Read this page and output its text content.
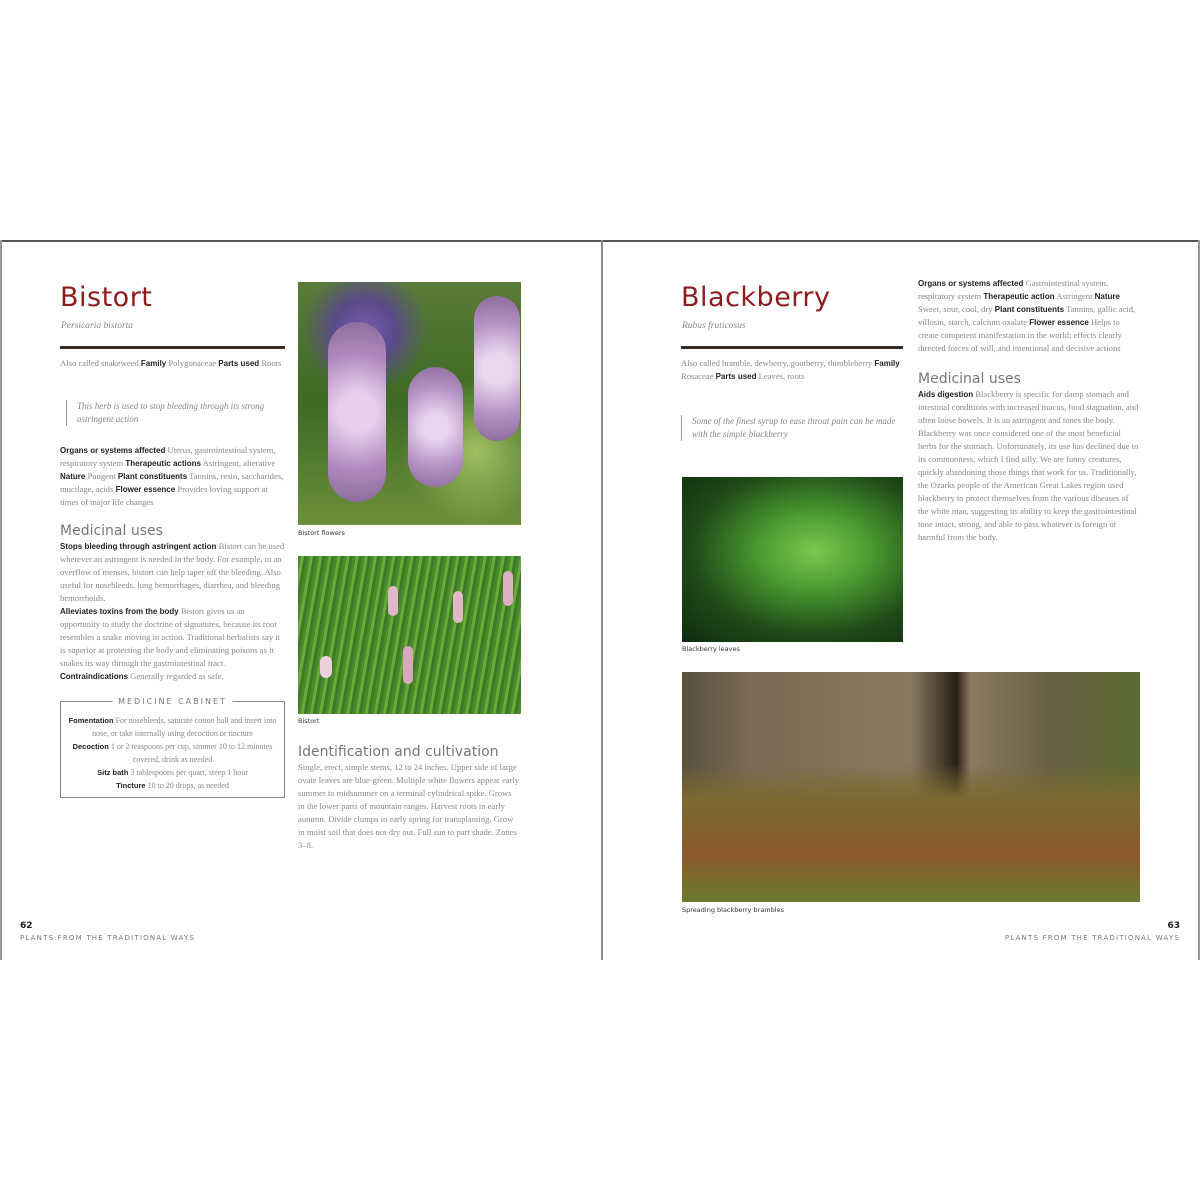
Bistort
Persicaria bistorta
Also called snakeweed Family Polygonaceae Parts used Roots
This herb is used to stop bleeding through its strong astringent action
Organs or systems affected Uterus, gastrointestinal system, respiratory system Therapeutic actions Astringent, alterative Nature Pungent Plant constituents Tannins, resin, saccharides, mucilage, acids Flower essence Provides loving support at times of major life changes
Medicinal uses
Stops bleeding through astringent action Bistort can be used wherever an astringent is needed in the body. For example, in an overflow of menses, bistort can help taper off the bleeding. Also useful for nosebleeds, lung hemorrhages, diarrhea, and bleeding hemorrhoids.
Alleviates toxins from the body Bistort gives us an opportunity to study the doctrine of signatures, because its root resembles a snake moving in action. Traditional herbalists say it is superior at protecting the body and eliminating poisons as it snakes its way through the gastrointestinal tract.
Contraindications Generally regarded as safe.
MEDICINE CABINET
Fomentation For nosebleeds, saturate cotton ball and insert into nose, or take internally using decoction or tincture
Decoction 1 or 2 teaspoons per cup, simmer 10 to 12 minutes covered, drink as needed
Sitz bath 3 tablespoons per quart, steep 1 hour
Tincture 10 to 20 drops, as needed
Bistort flowers
Bistort
Identification and cultivation
Single, erect, simple stems, 12 to 24 inches. Upper side of large ovate leaves are blue-green. Multiple white flowers appear early summer to midsummer on a terminal cylindrical spike. Grows in the lower parts of mountain ranges. Harvest roots in early autumn. Divide clumps in early spring for transplanting. Grow in moist soil that does not dry out. Full sun to part shade. Zones 3–8.
62
PLANTS FROM THE TRADITIONAL WAYS
Blackberry
Rubus fruticosus
Also called bramble, dewberry, goutberry, thimbleberry Family Rosaceae Parts used Leaves, roots
Some of the finest syrup to ease throat pain can be made with the simple blackberry
Blackberry leaves
Spreading blackberry brambles
Organs or systems affected Gastrointestinal system, respiratory system Therapeutic action Astringent Nature Sweet, sour, cool, dry Plant constituents Tannins, gallic acid, villosin, starch, calcium oxalate Flower essence Helps to create competent manifestation in the world; effects clearly directed forces of will, and intentional and decisive actions
Medicinal uses
Aids digestion Blackberry is specific for damp stomach and intestinal conditions with increased mucus, food stagnation, and often loose bowels. It is an astringent and tones the body. Blackberry was once considered one of the most beneficial herbs for the stomach. Unfortunately, its use has declined due to its commonness, which I find silly. We are funny creatures, quickly abandoning those things that work for us. Traditionally, the Ozarks people of the American Great Lakes region used blackberry to protect themselves from the various diseases of the white man, suggesting its ability to keep the gastrointestinal tone intact, strong, and able to pass whatever is foreign or harmful from the body.
63
PLANTS FROM THE TRADITIONAL WAYS
